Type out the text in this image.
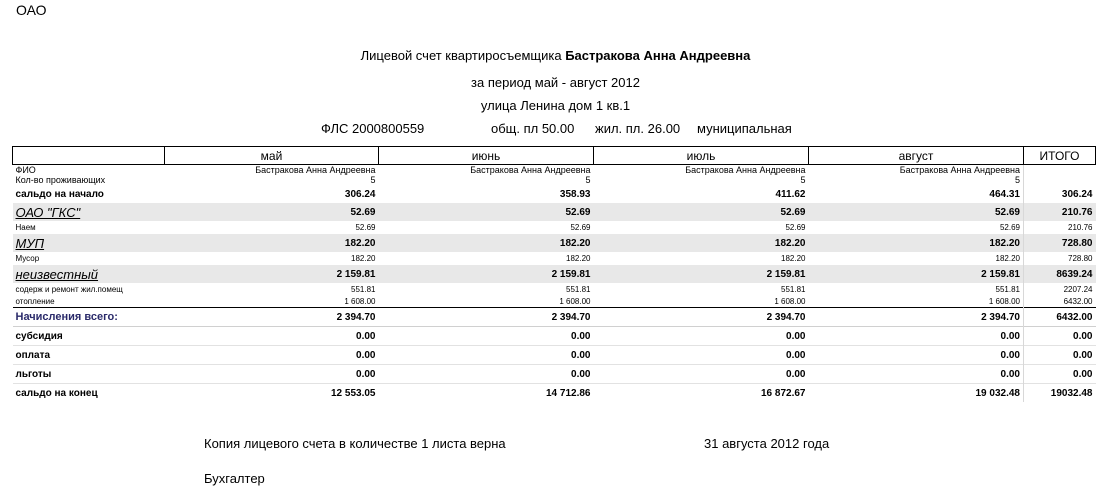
ОАО
Лицевой счет квартиросъемщика Бастракова Анна Андреевна
за период май - август 2012
улица Ленина дом 1 кв.1
ФЛС 2000800559	общ. пл 50.00 жил. пл. 26.00 муниципальная
	май	июнь	июль	август	ИТОГО
ФИО	Бастракова Анна Андреевна	Бастракова Анна Андреевна	Бастракова Анна Андреевна	Бастракова Анна Андреевна	
Кол-во проживающих	5	5	5	5	
сальдо на начало	306.24	358.93	411.62	464.31	306.24
ОАО "ГКС"	52.69	52.69	52.69	52.69	210.76
Наем	52.69	52.69	52.69	52.69	210.76
МУП	182.20	182.20	182.20	182.20	728.80
Мусор	182.20	182.20	182.20	182.20	728.80
неизвестный	2 159.81	2 159.81	2 159.81	2 159.81	8639.24
содерж и ремонт жил.помещ	551.81	551.81	551.81	551.81	2207.24
отопление	1 608.00	1 608.00	1 608.00	1 608.00	6432.00
Начисления всего:	2 394.70	2 394.70	2 394.70	2 394.70	6432.00
субсидия	0.00	0.00	0.00	0.00	0.00
оплата	0.00	0.00	0.00	0.00	0.00
льготы	0.00	0.00	0.00	0.00	0.00
сальдо на конец	12 553.05	14 712.86	16 872.67	19 032.48	19032.48
Копия лицевого счета в количестве 1 листа верна	31 августа 2012 года
Бухгалтер
